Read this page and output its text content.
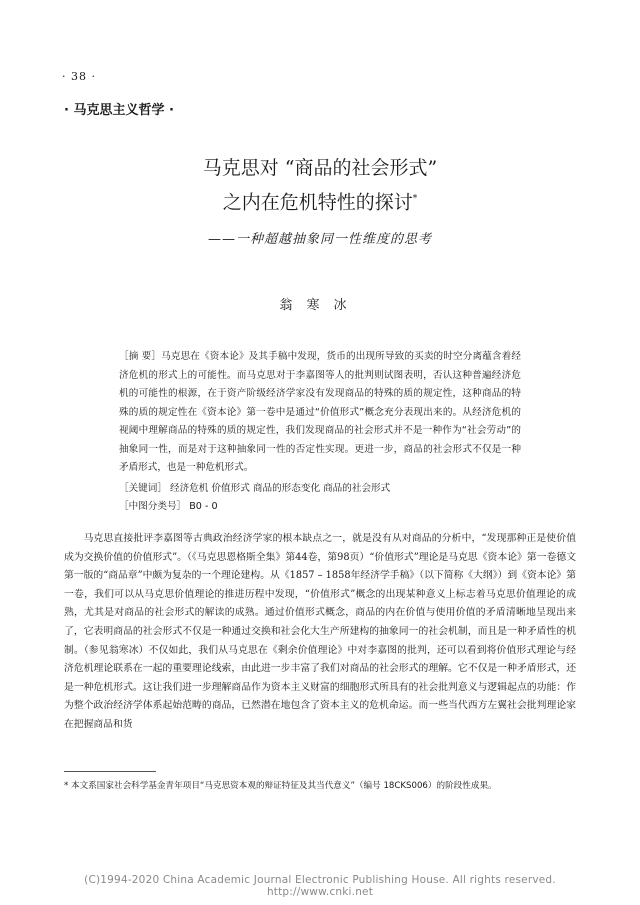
· 38 ·
· 马克思主义哲学 ·
马克思对 “商品的社会形式”
之内在危机特性的探讨*
——一种超越抽象同一性维度的思考
翁寒冰
［摘 要］马克思在《资本论》及其手稿中发现，货币的出现所导致的买卖的时空分离蕴含着经济危机的形式上的可能性。而马克思对于李嘉图等人的批判则试图表明，否认这种普遍经济危机的可能性的根源，在于资产阶级经济学家没有发现商品的特殊的质的规定性，这种商品的特殊的质的规定性在《资本论》第一卷中是通过“价值形式”概念充分表现出来的。从经济危机的视阈中理解商品的特殊的质的规定性，我们发现商品的社会形式并不是一种作为“社会劳动”的抽象同一性，而是对于这种抽象同一性的否定性实现。更进一步，商品的社会形式不仅是一种矛盾形式，也是一种危机形式。
［关键词］ 经济危机 价值形式 商品的形态变化 商品的社会形式
［中图分类号］ B0 - 0

马克思直接批评李嘉图等古典政治经济学家的根本缺点之一，就是没有从对商品的分析中，“发现那种正是使价值成为交换价值的价值形式”。（《马克思恩格斯全集》第44卷，第98页）“价值形式”理论是马克思《资本论》第一卷德文第一版的“商品章”中颇为复杂的一个理论建构。从《1857 – 1858年经济学手稿》（以下简称《大纲》）到《资本论》第一卷，我们可以从马克思价值理论的推进历程中发现，“价值形式”概念的出现某种意义上标志着马克思价值理论的成熟，尤其是对商品的社会形式的解读的成熟。通过价值形式概念，商品的内在价值与使用价值的矛盾清晰地呈现出来了，它表明商品的社会形式不仅是一种通过交换和社会化大生产所建构的抽象同一的社会机制，而且是一种矛盾性的机制。（参见翁寒冰）不仅如此，我们从马克思在《剩余价值理论》中对李嘉图的批判，还可以看到将价值形式理论与经济危机理论联系在一起的重要理论线索，由此进一步丰富了我们对商品的社会形式的理解。它不仅是一种矛盾形式，还是一种危机形式。这让我们进一步理解商品作为资本主义财富的细胞形式所具有的社会批判意义与逻辑起点的功能：作为整个政治经济学体系起始范畴的商品，已然潜在地包含了资本主义的危机命运。而一些当代西方左翼社会批判理论家在把握商品和货

* 本文系国家社会科学基金青年项目“马克思资本观的辩证特征及其当代意义”（编号 18CKS006）的阶段性成果。
(C)1994-2020 China Academic Journal Electronic Publishing House. All rights reserved. http://www.cnki.net
